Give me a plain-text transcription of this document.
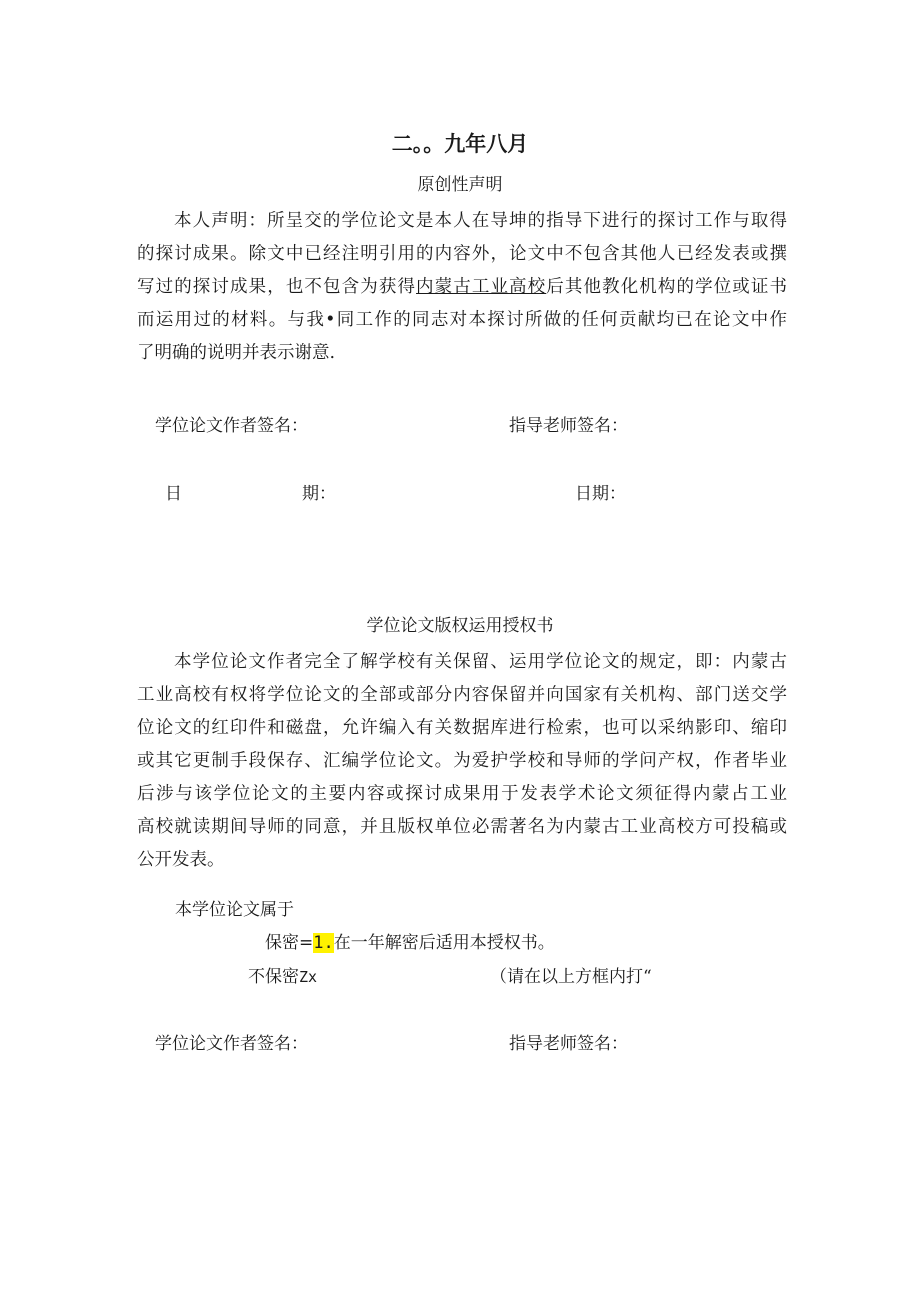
二。。九年八月
原创性声明

本人声明：所呈交的学位论文是本人在导坤的指导下进行的探讨工作与取得

的探讨成果。除文中已经注明引用的内容外，论文中不包含其他人已经发表或撰

写过的探讨成果，也不包含为获得内蒙古工业高校后其他教化机构的学位或证书

而运用过的材料。与我•同工作的同志对本探讨所做的任何贡献均已在论文中作

了明确的说明并表示谢意.

学位论文作者签名：	指导老师签名：
日	期：	日期：
学位论文版权运用授权书

本学位论文作者完全了解学校有关保留、运用学位论文的规定，即：内蒙古

工业高校有权将学位论文的全部或部分内容保留并向国家有关机构、部门送交学

位论文的红印件和磁盘，允许编入有关数据库进行检索，也可以采纳影印、缩印

或其它更制手段保存、汇编学位论文。为爱护学校和导师的学问产权，作者毕业

后涉与该学位论文的主要内容或探讨成果用于发表学术论文须征得内蒙占工业

高校就读期间导师的同意，并且版权单位必需著名为内蒙古工业高校方可投稿或

公开发表。

本学位论文属于
保密=1.在一年解密后适用本授权书。
不保密Zx	（请在以上方框内打“
学位论文作者签名：	指导老师签名：
